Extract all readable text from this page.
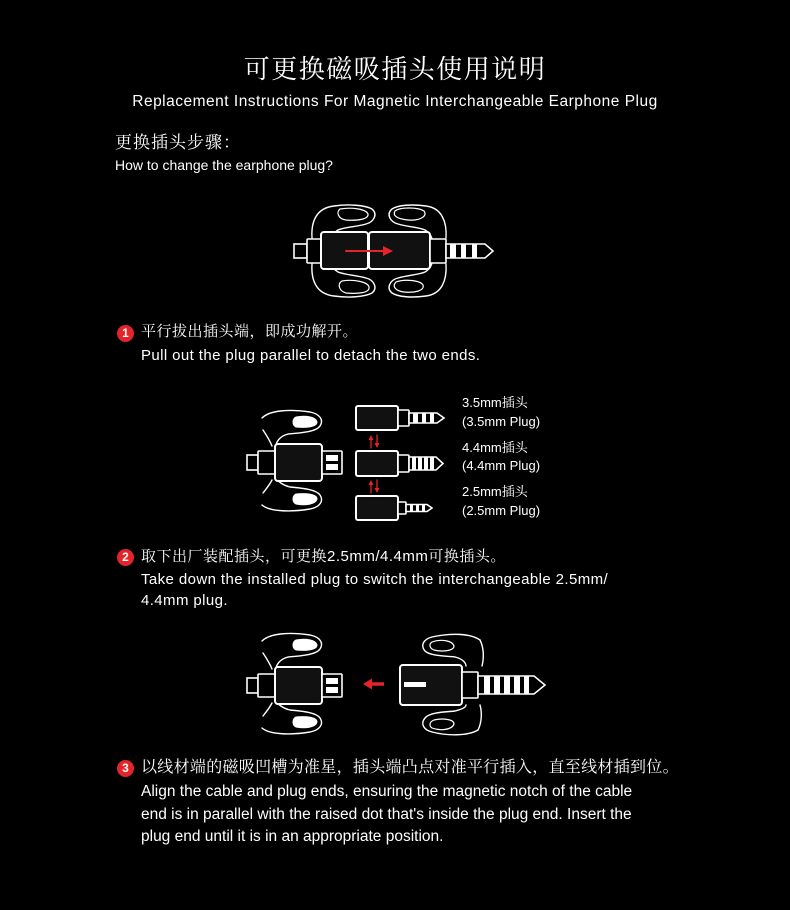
可更换磁吸插头使用说明
Replacement Instructions For Magnetic Interchangeable Earphone Plug
更换插头步骤：
How to change the earphone plug?
1 平行拔出插头端，即成功解开。
Pull out the plug parallel to detach the two ends.
3.5mm插头
(3.5mm Plug)
4.4mm插头
(4.4mm Plug)
2.5mm插头
(2.5mm Plug)
2 取下出厂装配插头，可更换2.5mm/4.4mm可换插头。
Take down the installed plug to switch the interchangeable 2.5mm/
4.4mm plug.
3 以线材端的磁吸凹槽为准星，插头端凸点对准平行插入，直至线材插到位。
Align the cable and plug ends, ensuring the magnetic notch of the cable
end is in parallel with the raised dot that's inside the plug end. Insert the
plug end until it is in an appropriate position.
